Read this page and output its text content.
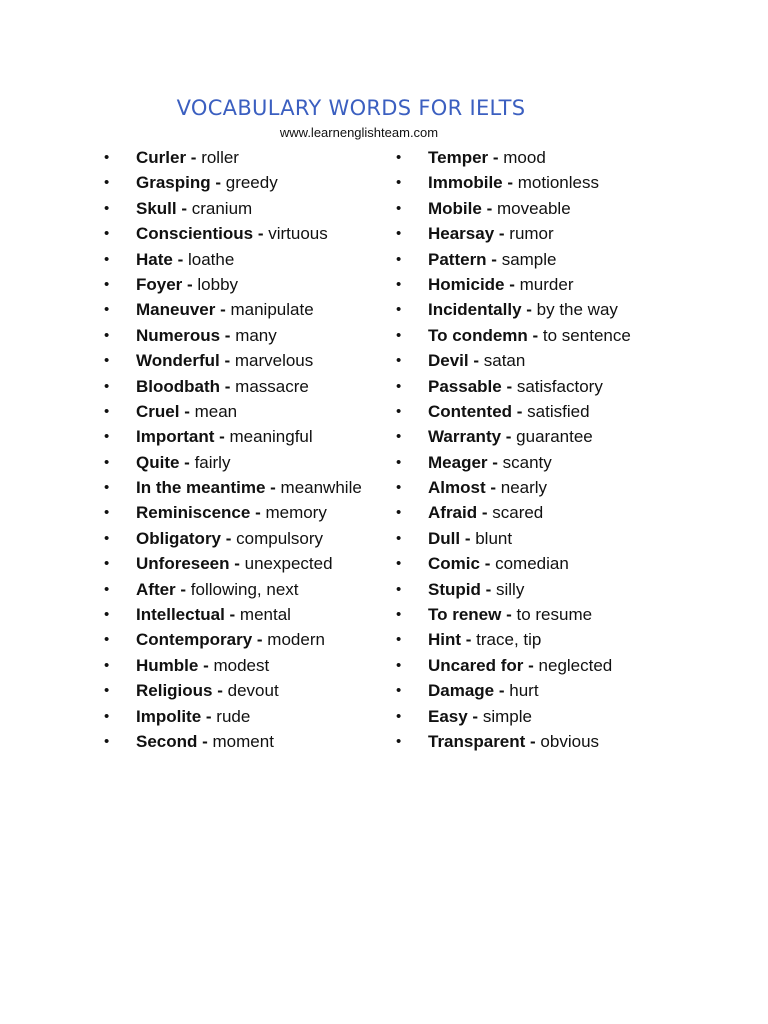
VOCABULARY WORDS FOR IELTS
www.learnenglishteam.com
• Curler - roller
• Grasping - greedy
• Skull - cranium
• Conscientious - virtuous
• Hate - loathe
• Foyer - lobby
• Maneuver - manipulate
• Numerous - many
• Wonderful - marvelous
• Bloodbath - massacre
• Cruel - mean
• Important - meaningful
• Quite - fairly
• In the meantime - meanwhile
• Reminiscence - memory
• Obligatory - compulsory
• Unforeseen - unexpected
• After - following, next
• Intellectual - mental
• Contemporary - modern
• Humble - modest
• Religious - devout
• Impolite - rude
• Second - moment
• Temper - mood
• Immobile - motionless
• Mobile - moveable
• Hearsay - rumor
• Pattern - sample
• Homicide - murder
• Incidentally - by the way
• To condemn - to sentence
• Devil - satan
• Passable - satisfactory
• Contented - satisfied
• Warranty - guarantee
• Meager - scanty
• Almost - nearly
• Afraid - scared
• Dull - blunt
• Comic - comedian
• Stupid - silly
• To renew - to resume
• Hint - trace, tip
• Uncared for - neglected
• Damage - hurt
• Easy - simple
• Transparent - obvious
